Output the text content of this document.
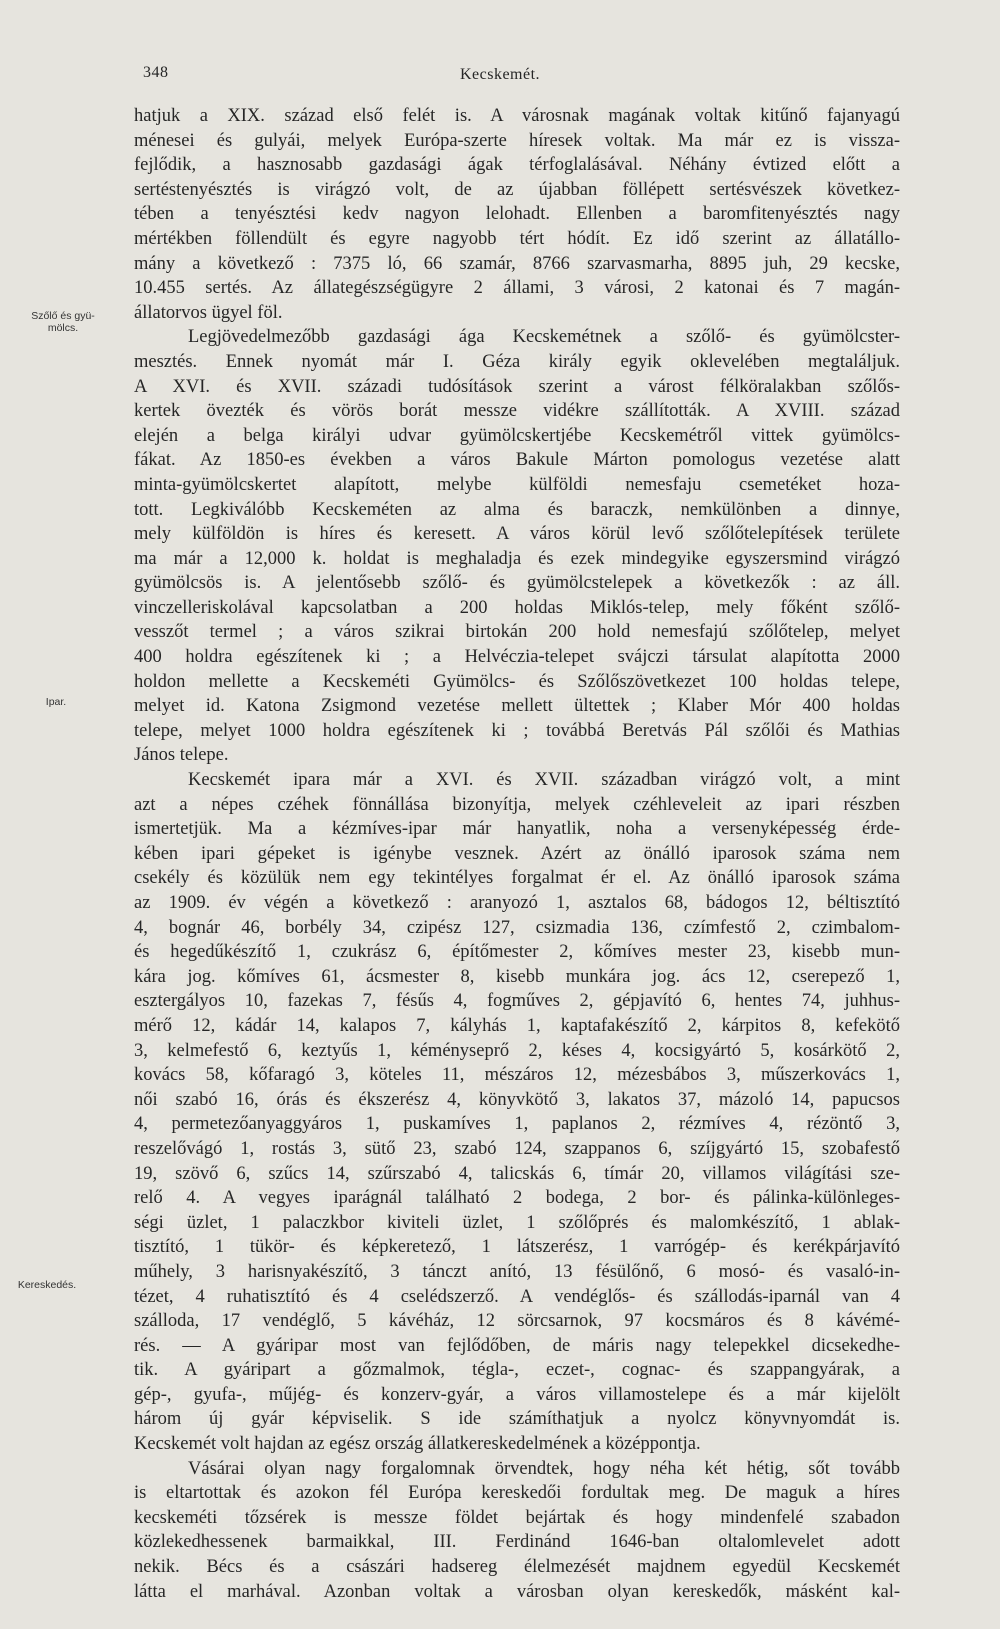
348	Kecskemét.
Szőlő és gyü-
mölcs.
Ipar.
Kereskedés.
hatjuk a XIX. század első felét is. A városnak magának voltak kitűnő fajanyagú
ménesei és gulyái, melyek Európa-szerte híresek voltak. Ma már ez is vissza-
fejlődik, a hasznosabb gazdasági ágak térfoglalásával. Néhány évtized előtt a
sertéstenyésztés is virágzó volt, de az újabban föllépett sertésvészek következ-
tében a tenyésztési kedv nagyon lelohadt. Ellenben a baromfitenyésztés nagy
mértékben föllendült és egyre nagyobb tért hódít. Ez idő szerint az állatállo-
mány a következő : 7375 ló, 66 szamár, 8766 szarvasmarha, 8895 juh, 29 kecske,
10.455 sertés. Az állategészségügyre 2 állami, 3 városi, 2 katonai és 7 magán-
állatorvos ügyel föl.
Legjövedelmezőbb gazdasági ága Kecskemétnek a szőlő- és gyümölcster-
mesztés. Ennek nyomát már I. Géza király egyik oklevelében megtaláljuk.
A XVI. és XVII. századi tudósítások szerint a várost félköralakban szőlős-
kertek övezték és vörös borát messze vidékre szállították. A XVIII. század
elején a belga királyi udvar gyümölcskertjébe Kecskemétről vittek gyümölcs-
fákat. Az 1850-es években a város Bakule Márton pomologus vezetése alatt
minta-gyümölcskertet alapított, melybe külföldi nemesfaju csemetéket hoza-
tott. Legkiválóbb Kecskeméten az alma és baraczk, nemkülönben a dinnye,
mely külföldön is híres és keresett. A város körül levő szőlőtelepítések területe
ma már a 12,000 k. holdat is meghaladja és ezek mindegyike egyszersmind virágzó
gyümölcsös is. A jelentősebb szőlő- és gyümölcstelepek a következők : az áll.
vinczelleriskolával kapcsolatban a 200 holdas Miklós-telep, mely főként szőlő-
vesszőt termel ; a város szikrai birtokán 200 hold nemesfajú szőlőtelep, melyet
400 holdra egészítenek ki ; a Helvéczia-telepet svájczi társulat alapította 2000
holdon mellette a Kecskeméti Gyümölcs- és Szőlőszövetkezet 100 holdas telepe,
melyet id. Katona Zsigmond vezetése mellett ültettek ; Klaber Mór 400 holdas
telepe, melyet 1000 holdra egészítenek ki ; továbbá Beretvás Pál szőlői és Mathias
János telepe.
Kecskemét ipara már a XVI. és XVII. században virágzó volt, a mint
azt a népes czéhek fönnállása bizonyítja, melyek czéhleveleit az ipari részben
ismertetjük. Ma a kézmíves-ipar már hanyatlik, noha a versenyképesség érde-
kében ipari gépeket is igénybe vesznek. Azért az önálló iparosok száma nem
csekély és közülük nem egy tekintélyes forgalmat ér el. Az önálló iparosok száma
az 1909. év végén a következő : aranyozó 1, asztalos 68, bádogos 12, béltisztító
4, bognár 46, borbély 34, czipész 127, csizmadia 136, czímfestő 2, czimbalom-
és hegedűkészítő 1, czukrász 6, építőmester 2, kőmíves mester 23, kisebb mun-
kára jog. kőmíves 61, ácsmester 8, kisebb munkára jog. ács 12, cserepező 1,
esztergályos 10, fazekas 7, fésűs 4, fogműves 2, gépjavító 6, hentes 74, juhhus-
mérő 12, kádár 14, kalapos 7, kályhás 1, kaptafakészítő 2, kárpitos 8, kefekötő
3, kelmefestő 6, keztyűs 1, kéményseprő 2, késes 4, kocsigyártó 5, kosárkötő 2,
kovács 58, kőfaragó 3, köteles 11, mészáros 12, mézesbábos 3, műszerkovács 1,
női szabó 16, órás és ékszerész 4, könyvkötő 3, lakatos 37, mázoló 14, papucsos
4, permetezőanyaggyáros 1, puskamíves 1, paplanos 2, rézmíves 4, rézöntő 3,
reszelővágó 1, rostás 3, sütő 23, szabó 124, szappanos 6, szíjgyártó 15, szobafestő
19, szövő 6, szűcs 14, szűrszabó 4, talicskás 6, tímár 20, villamos világítási sze-
relő 4. A vegyes iparágnál található 2 bodega, 2 bor- és pálinka-különleges-
ségi üzlet, 1 palaczkbor kiviteli üzlet, 1 szőlőprés és malomkészítő, 1 ablak-
tisztító, 1 tükör- és képkeretező, 1 látszerész, 1 varrógép- és kerékpárjavító
műhely, 3 harisnyakészítő, 3 tánczt anító, 13 fésülőnő, 6 mosó- és vasaló-in-
tézet, 4 ruhatisztító és 4 cselédszerző. A vendéglős- és szállodás-iparnál van 4
szálloda, 17 vendéglő, 5 kávéház, 12 sörcsarnok, 97 kocsmáros és 8 kávémé-
rés. — A gyáripar most van fejlődőben, de máris nagy telepekkel dicsekedhe-
tik. A gyáripart a gőzmalmok, tégla-, eczet-, cognac- és szappangyárak, a
gép-, gyufa-, műjég- és konzerv-gyár, a város villamostelepe és a már kijelölt
három új gyár képviselik. S ide számíthatjuk a nyolcz könyvnyomdát is.
Kecskemét volt hajdan az egész ország állatkereskedelmének a középpontja.
Vásárai olyan nagy forgalomnak örvendtek, hogy néha két hétig, sőt tovább
is eltartottak és azokon fél Európa kereskedői fordultak meg. De maguk a híres
kecskeméti tőzsérek is messze földet bejártak és hogy mindenfelé szabadon
közlekedhessenek barmaikkal, III. Ferdinánd 1646-ban oltalomlevelet adott
nekik. Bécs és a császári hadsereg élelmezését majdnem egyedül Kecskemét
látta el marhával. Azonban voltak a városban olyan kereskedők, másként kal-
